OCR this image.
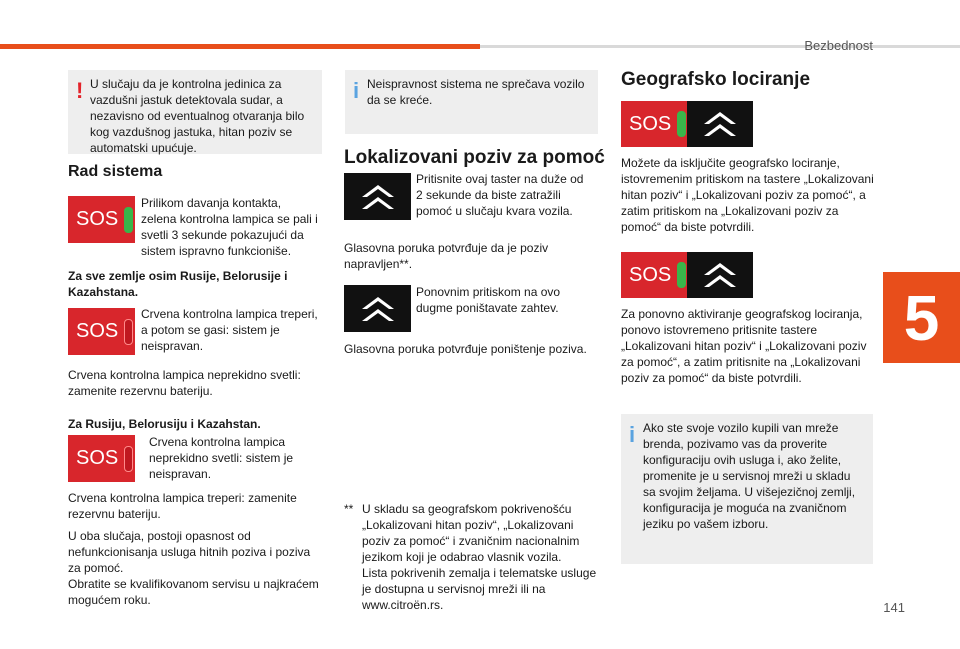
Bezbednost
5
141
! U slučaju da je kontrolna jedinica za vazdušni jastuk detektovala sudar, a nezavisno od eventualnog otvaranja bilo kog vazdušnog jastuka, hitan poziv se automatski upućuje.
Rad sistema
SOS
Prilikom davanja kontakta, zelena kontrolna lampica se pali i svetli 3 sekunde pokazujući da sistem ispravno funkcioniše.
Za sve zemlje osim Rusije, Belorusije i Kazahstana.
SOS
Crvena kontrolna lampica treperi, a potom se gasi: sistem je neispravan.
Crvena kontrolna lampica neprekidno svetli: zamenite rezervnu bateriju.
Za Rusiju, Belorusiju i Kazahstan.
SOS
Crvena kontrolna lampica neprekidno svetli: sistem je neispravan.
Crvena kontrolna lampica treperi: zamenite rezervnu bateriju.
U oba slučaja, postoji opasnost od nefunkcionisanja usluga hitnih poziva i poziva za pomoć.
Obratite se kvalifikovanom servisu u najkraćem mogućem roku.
i Neispravnost sistema ne sprečava vozilo da se kreće.
Lokalizovani poziv za pomoć
Pritisnite ovaj taster na duže od 2 sekunde da biste zatražili pomoć u slučaju kvara vozila.
Glasovna poruka potvrđuje da je poziv napravljen**.
Ponovnim pritiskom na ovo dugme poništavate zahtev.
Glasovna poruka potvrđuje poništenje poziva.
** U skladu sa geografskom pokrivenošću „Lokalizovani hitan poziv“, „Lokalizovani poziv za pomoć“ i zvaničnim nacionalnim jezikom koji je odabrao vlasnik vozila.
Lista pokrivenih zemalja i telematske usluge je dostupna u servisnoj mreži ili na www.citroën.rs.
Geografsko lociranje
SOS
Možete da isključite geografsko lociranje, istovremenim pritiskom na tastere „Lokalizovani hitan poziv“ i „Lokalizovani poziv za pomoć“, a zatim pritiskom na „Lokalizovani poziv za pomoć“ da biste potvrdili.
SOS
Za ponovno aktiviranje geografskog lociranja, ponovo istovremeno pritisnite tastere „Lokalizovani hitan poziv“ i „Lokalizovani poziv za pomoć“, a zatim pritisnite na „Lokalizovani poziv za pomoć“ da biste potvrdili.
i Ako ste svoje vozilo kupili van mreže brenda, pozivamo vas da proverite konfiguraciju ovih usluga i, ako želite, promenite je u servisnoj mreži u skladu sa svojim željama. U višejezičnoj zemlji, konfiguracija je moguća na zvaničnom jeziku po vašem izboru.
